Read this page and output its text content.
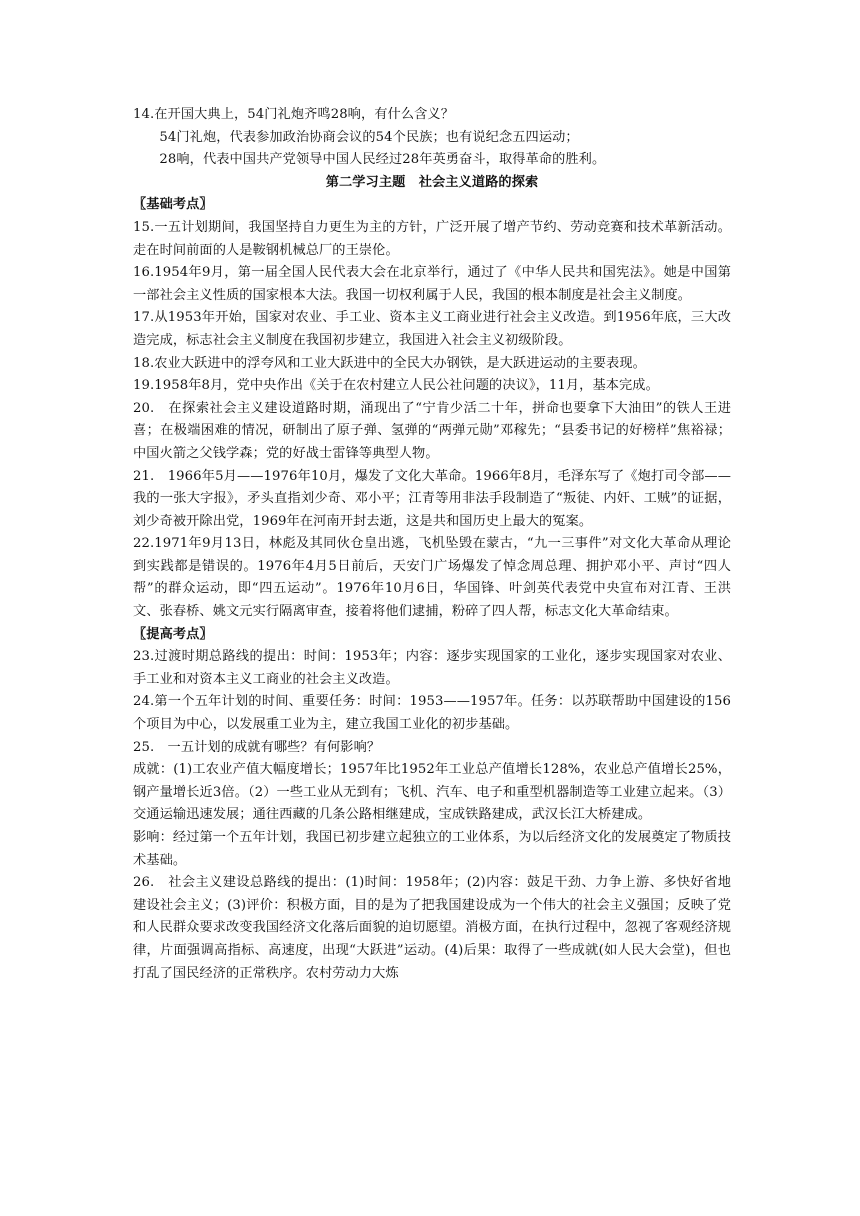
14.在开国大典上，54门礼炮齐鸣28响，有什么含义？

54门礼炮，代表参加政治协商会议的54个民族；也有说纪念五四运动；

28响，代表中国共产党领导中国人民经过28年英勇奋斗，取得革命的胜利。

第二学习主题　社会主义道路的探索

〖基础考点〗

15.一五计划期间，我国坚持自力更生为主的方针，广泛开展了增产节约、劳动竞赛和技术革新活动。走在时间前面的人是鞍钢机械总厂的王崇伦。

16.1954年9月，第一届全国人民代表大会在北京举行，通过了《中华人民共和国宪法》。她是中国第一部社会主义性质的国家根本大法。我国一切权利属于人民，我国的根本制度是社会主义制度。

17.从1953年开始，国家对农业、手工业、资本主义工商业进行社会主义改造。到1956年底，三大改造完成，标志社会主义制度在我国初步建立，我国进入社会主义初级阶段。

18.农业大跃进中的浮夸风和工业大跃进中的全民大办钢铁，是大跃进运动的主要表现。

19.1958年8月，党中央作出《关于在农村建立人民公社问题的决议》，11月，基本完成。

20.　在探索社会主义建设道路时期，涌现出了“宁肯少活二十年，拼命也要拿下大油田”的铁人王进喜；在极端困难的情况，研制出了原子弹、氢弹的“两弹元勋”邓稼先；“县委书记的好榜样”焦裕禄；中国火箭之父钱学森；党的好战士雷锋等典型人物。

21.　1966年5月——1976年10月，爆发了文化大革命。1966年8月，毛泽东写了《炮打司令部——我的一张大字报》，矛头直指刘少奇、邓小平；江青等用非法手段制造了“叛徒、内奸、工贼”的证据，刘少奇被开除出党，1969年在河南开封去逝，这是共和国历史上最大的冤案。

22.1971年9月13日，林彪及其同伙仓皇出逃，飞机坠毁在蒙古，“九一三事件”对文化大革命从理论到实践都是错误的。1976年4月5日前后，天安门广场爆发了悼念周总理、拥护邓小平、声讨“四人帮”的群众运动，即“四五运动”。1976年10月6日，华国锋、叶剑英代表党中央宣布对江青、王洪文、张春桥、姚文元实行隔离审查，接着将他们逮捕，粉碎了四人帮，标志文化大革命结束。

〖提高考点〗

23.过渡时期总路线的提出：时间：1953年；内容：逐步实现国家的工业化，逐步实现国家对农业、手工业和对资本主义工商业的社会主义改造。

24.第一个五年计划的时间、重要任务：时间：1953——1957年。任务：以苏联帮助中国建设的156个项目为中心，以发展重工业为主，建立我国工业化的初步基础。

25.　一五计划的成就有哪些？有何影响？

成就：(1)工农业产值大幅度增长；1957年比1952年工业总产值增长128%，农业总产值增长25%，钢产量增长近3倍。（2）一些工业从无到有；飞机、汽车、电子和重型机器制造等工业建立起来。（3）交通运输迅速发展；通往西藏的几条公路相继建成，宝成铁路建成，武汉长江大桥建成。

影响：经过第一个五年计划，我国已初步建立起独立的工业体系，为以后经济文化的发展奠定了物质技术基础。

26.　社会主义建设总路线的提出：(1)时间：1958年；(2)内容：鼓足干劲、力争上游、多快好省地建设社会主义；(3)评价：积极方面，目的是为了把我国建设成为一个伟大的社会主义强国；反映了党和人民群众要求改变我国经济文化落后面貌的迫切愿望。消极方面，在执行过程中，忽视了客观经济规律，片面强调高指标、高速度，出现“大跃进”运动。(4)后果：取得了一些成就(如人民大会堂)，但也打乱了国民经济的正常秩序。农村劳动力大炼
